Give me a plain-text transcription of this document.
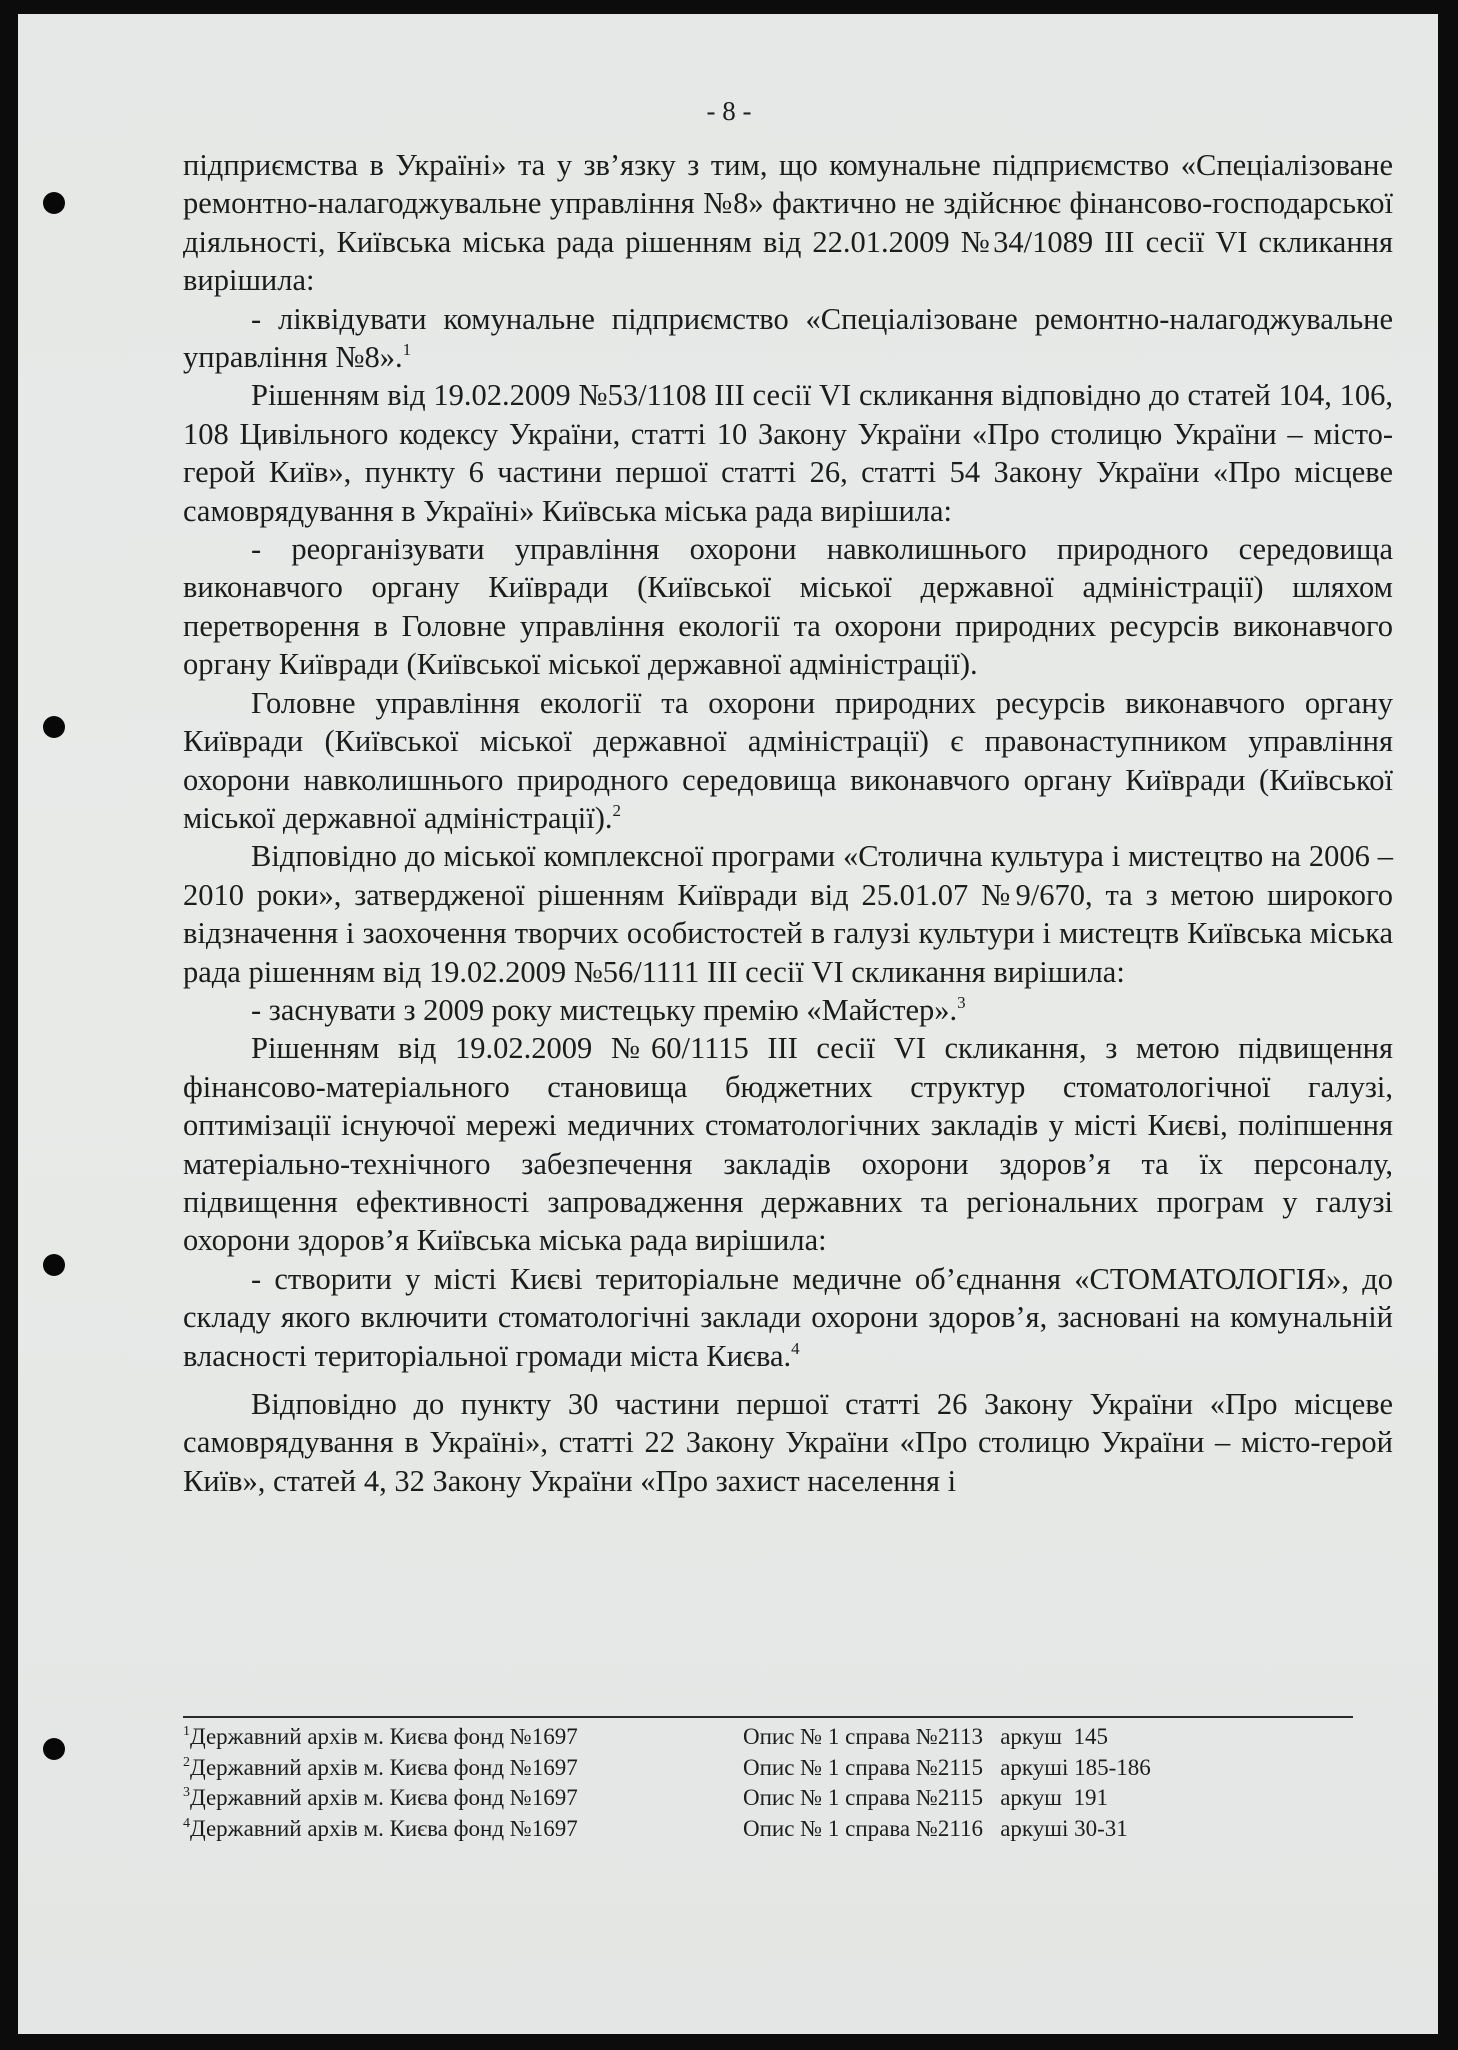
- 8 -

підприємства в Україні» та у зв’язку з тим, що комунальне підприємство «Спеціалізоване ремонтно-налагоджувальне управління №8» фактично не здійснює фінансово-господарської діяльності, Київська міська рада рішенням від 22.01.2009 №34/1089 III сесії VI скликання вирішила:

- ліквідувати комунальне підприємство «Спеціалізоване ремонтно-налагоджувальне управління №8».$^1$

Рішенням від 19.02.2009 №53/1108 III сесії VI скликання відповідно до статей 104, 106, 108 Цивільного кодексу України, статті 10 Закону України «Про столицю України – місто-герой Київ», пункту 6 частини першої статті 26, статті 54 Закону України «Про місцеве самоврядування в Україні» Київська міська рада вирішила:

- реорганізувати управління охорони навколишнього природного середовища виконавчого органу Київради (Київської міської державної адміністрації) шляхом перетворення в Головне управління екології та охорони природних ресурсів виконавчого органу Київради (Київської міської державної адміністрації).

Головне управління екології та охорони природних ресурсів виконавчого органу Київради (Київської міської державної адміністрації) є правонаступником управління охорони навколишнього природного середовища виконавчого органу Київради (Київської міської державної адміністрації).$^2$

Відповідно до міської комплексної програми «Столична культура і мистецтво на 2006 – 2010 роки», затвердженої рішенням Київради від 25.01.07 №9/670, та з метою широкого відзначення і заохочення творчих особистостей в галузі культури і мистецтв Київська міська рада рішенням від 19.02.2009 №56/1111 III сесії VI скликання вирішила:

- заснувати з 2009 року мистецьку премію «Майстер».$^3$

Рішенням від 19.02.2009 №60/1115 III сесії VI скликання, з метою підвищення фінансово-матеріального становища бюджетних структур стоматологічної галузі, оптимізації існуючої мережі медичних стоматологічних закладів у місті Києві, поліпшення матеріально-технічного забезпечення закладів охорони здоров’я та їх персоналу, підвищення ефективності запровадження державних та регіональних програм у галузі охорони здоров’я Київська міська рада вирішила:

- створити у місті Києві територіальне медичне об’єднання «СТОМАТОЛОГІЯ», до складу якого включити стоматологічні заклади охорони здоров’я, засновані на комунальній власності територіальної громади міста Києва.$^4$

Відповідно до пункту 30 частини першої статті 26 Закону України «Про місцеве самоврядування в Україні», статті 22 Закону України «Про столицю України – місто-герой Київ», статей 4, 32 Закону України «Про захист населення і

$^1$Державний архів м. Києва фонд №1697	Опис № 1 справа №2113   аркуш  145
$^2$Державний архів м. Києва фонд №1697	Опис № 1 справа №2115   аркуші 185-186
$^3$Державний архів м. Києва фонд №1697	Опис № 1 справа №2115   аркуш  191
$^4$Державний архів м. Києва фонд №1697	Опис № 1 справа №2116   аркуші 30-31
